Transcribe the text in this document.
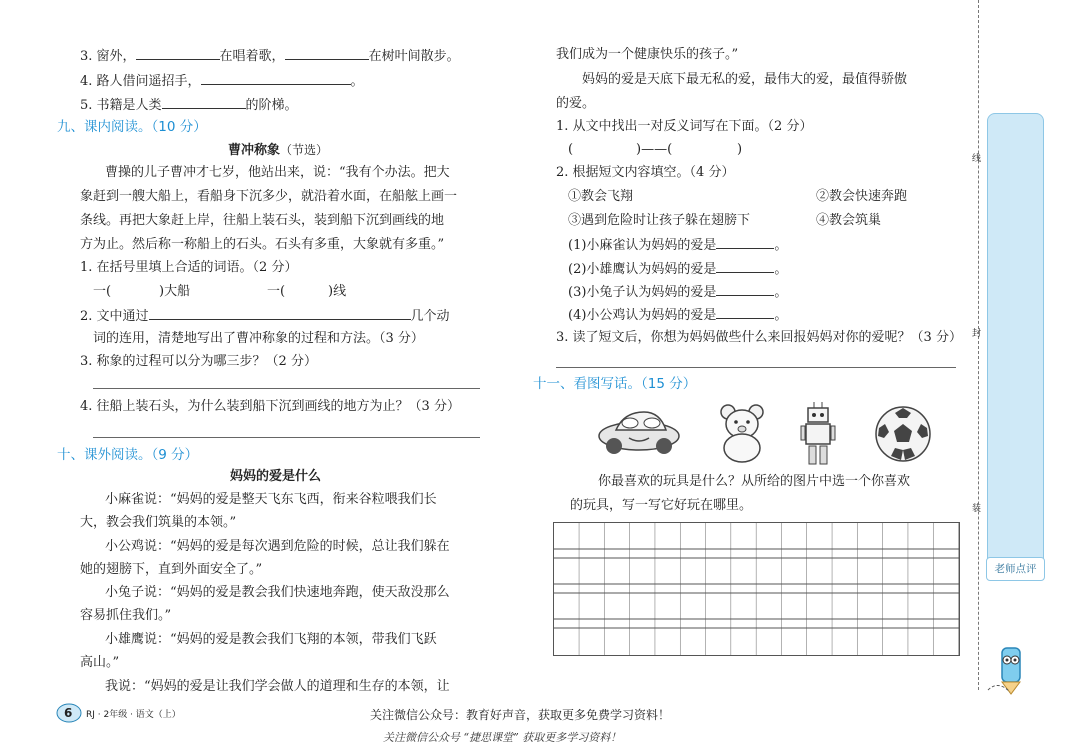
3. 窗外，	在唱着歌，	在树叶间散步。
4. 路人借问遥招手，	。
5. 书籍是人类	的阶梯。
九、课内阅读。（10 分）
曹冲称象（节选）
曹操的儿子曹冲才七岁，他站出来，说：“我有个办法。把大
象赶到一艘大船上，看船身下沉多少，就沿着水面，在船舷上画一
条线。再把大象赶上岸，往船上装石头，装到船下沉到画线的地
方为止。然后称一称船上的石头。石头有多重，大象就有多重。”
1. 在括号里填上合适的词语。（2 分）
一(	)大船	一(	)线
2. 文中通过	几个动
词的连用，清楚地写出了曹冲称象的过程和方法。（3 分）
3. 称象的过程可以分为哪三步？（2 分）
4. 往船上装石头，为什么装到船下沉到画线的地方为止？（3 分）
十、课外阅读。（9 分）
妈妈的爱是什么
小麻雀说：“妈妈的爱是整天飞东飞西，衔来谷粒喂我们长
大，教会我们筑巢的本领。”
小公鸡说：“妈妈的爱是每次遇到危险的时候，总让我们躲在
她的翅膀下，直到外面安全了。”
小兔子说：“妈妈的爱是教会我们快速地奔跑，使天敌没那么
容易抓住我们。”
小雄鹰说：“妈妈的爱是教会我们飞翔的本领，带我们飞跃
高山。”
我说：“妈妈的爱是让我们学会做人的道理和生存的本领，让
我们成为一个健康快乐的孩子。”
妈妈的爱是天底下最无私的爱，最伟大的爱，最值得骄傲
的爱。
1. 从文中找出一对反义词写在下面。（2 分）
(	)——(	)
2. 根据短文内容填空。（4 分）
①教会飞翔	②教会快速奔跑
③遇到危险时让孩子躲在翅膀下	④教会筑巢
(1)小麻雀认为妈妈的爱是	。
(2)小雄鹰认为妈妈的爱是	。
(3)小兔子认为妈妈的爱是	。
(4)小公鸡认为妈妈的爱是	。
3. 读了短文后，你想为妈妈做些什么来回报妈妈对你的爱呢？（3 分）
十一、看图写话。（15 分）
你最喜欢的玩具是什么？从所给的图片中选一个你喜欢
的玩具，写一写它好玩在哪里。
线
封
装
老师点评
6 RJ · 2年级 · 语文（上）	关注微信公众号：教育好声音，获取更多免费学习资料！
关注微信公众号 “捷思课堂” 获取更多学习资料！
